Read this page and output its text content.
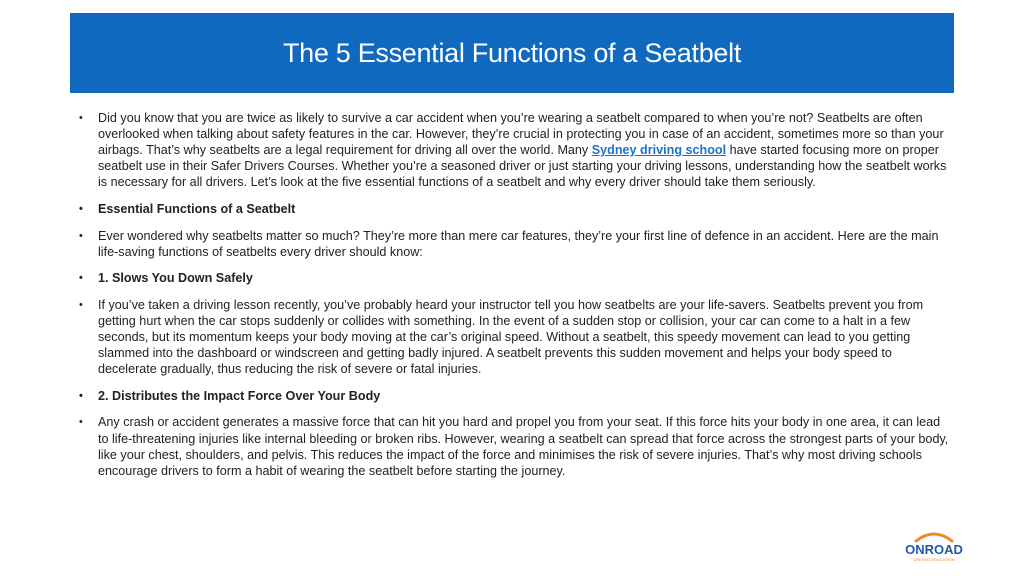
The 5 Essential Functions of a Seatbelt
• Did you know that you are twice as likely to survive a car accident when you’re wearing a seatbelt compared to when you’re not? Seatbelts are often overlooked when talking about safety features in the car. However, they’re crucial in protecting you in case of an accident, sometimes more so than your airbags. That’s why seatbelts are a legal requirement for driving all over the world. Many Sydney driving school have started focusing more on proper seatbelt use in their Safer Drivers Courses. Whether you’re a seasoned driver or just starting your driving lessons, understanding how the seatbelt works is necessary for all drivers. Let’s look at the five essential functions of a seatbelt and why every driver should take them seriously.
• Essential Functions of a Seatbelt
• Ever wondered why seatbelts matter so much? They’re more than mere car features, they’re your first line of defence in an accident. Here are the main life-saving functions of seatbelts every driver should know:
• 1. Slows You Down Safely
• If you’ve taken a driving lesson recently, you’ve probably heard your instructor tell you how seatbelts are your life-savers. Seatbelts prevent you from getting hurt when the car stops suddenly or collides with something. In the event of a sudden stop or collision, your car can come to a halt in a few seconds, but its momentum keeps your body moving at the car’s original speed. Without a seatbelt, this speedy movement can lead to you getting slammed into the dashboard or windscreen and getting badly injured. A seatbelt prevents this sudden movement and helps your body speed to decelerate gradually, thus reducing the risk of severe or fatal injuries.
• 2. Distributes the Impact Force Over Your Body
• Any crash or accident generates a massive force that can hit you hard and propel you from your seat. If this force hits your body in one area, it can lead to life-threatening injuries like internal bleeding or broken ribs. However, wearing a seatbelt can spread that force across the strongest parts of your body, like your chest, shoulders, and pelvis. This reduces the impact of the force and minimises the risk of severe injuries. That’s why most driving schools encourage drivers to form a habit of wearing the seatbelt before starting the journey.
ONROAD
DRIVING EDUCATION
